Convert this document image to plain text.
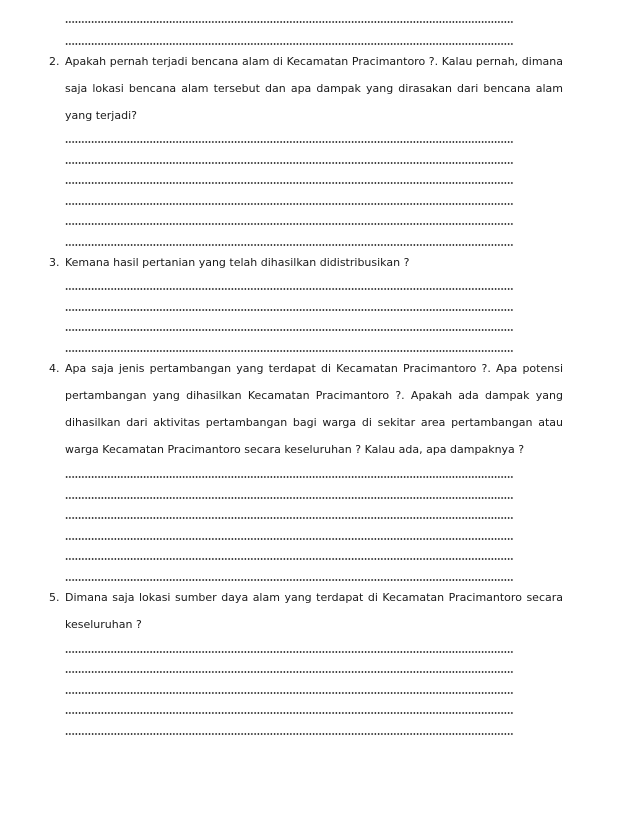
2. Apakah pernah terjadi bencana alam di Kecamatan Pracimantoro ?. Kalau pernah, dimana
saja lokasi bencana alam tersebut dan apa dampak yang dirasakan dari bencana alam
yang terjadi?
3. Kemana hasil pertanian yang telah dihasilkan didistribusikan ?
4. Apa saja jenis pertambangan yang terdapat di Kecamatan Pracimantoro ?. Apa potensi
pertambangan yang dihasilkan Kecamatan Pracimantoro ?. Apakah ada dampak yang
dihasilkan dari aktivitas pertambangan bagi warga di sekitar area pertambangan atau
warga Kecamatan Pracimantoro secara keseluruhan ? Kalau ada, apa dampaknya ?
5. Dimana saja lokasi sumber daya alam yang terdapat di Kecamatan Pracimantoro secara
keseluruhan ?
